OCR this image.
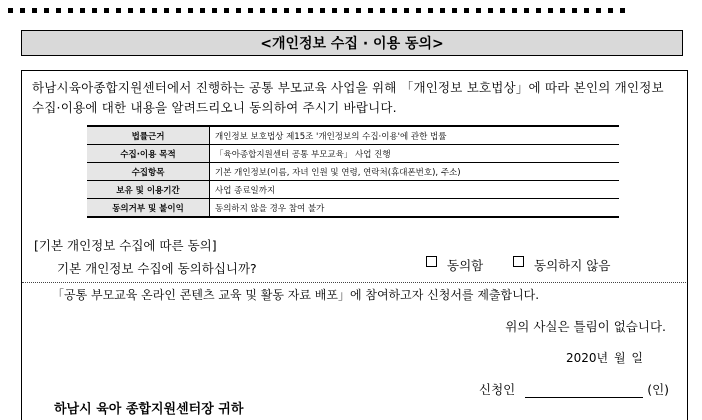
<개인정보 수집 · 이용 동의>
하남시육아종합지원센터에서 진행하는 공통 부모교육 사업을 위해 「개인정보 보호법상」에 따라 본인의 개인정보 수집·이용에 대한 내용을 알려드리오니 동의하여 주시기 바랍니다.
법률근거	개인정보 보호법상 제15조 '개인정보의 수집·이용'에 관한 법률
수집·이용 목적	「육아종합지원센터 공통 부모교육」 사업 진행
수집항목	기본 개인정보(이름, 자녀 인원 및 연령, 연락처(휴대폰번호), 주소)
보유 및 이용기간	사업 종료일까지
동의거부 및 불이익	동의하지 않을 경우 참여 불가
[기본 개인정보 수집에 따른 동의]
기본 개인정보 수집에 동의하십니까?	동의함	동의하지 않음
「공통 부모교육 온라인 콘텐츠 교육 및 활동 자료 배포」에 참여하고자 신청서를 제출합니다.
위의 사실은 틀림이 없습니다.
2020년 월 일
신청인	(인)
하남시 육아 종합지원센터장 귀하
